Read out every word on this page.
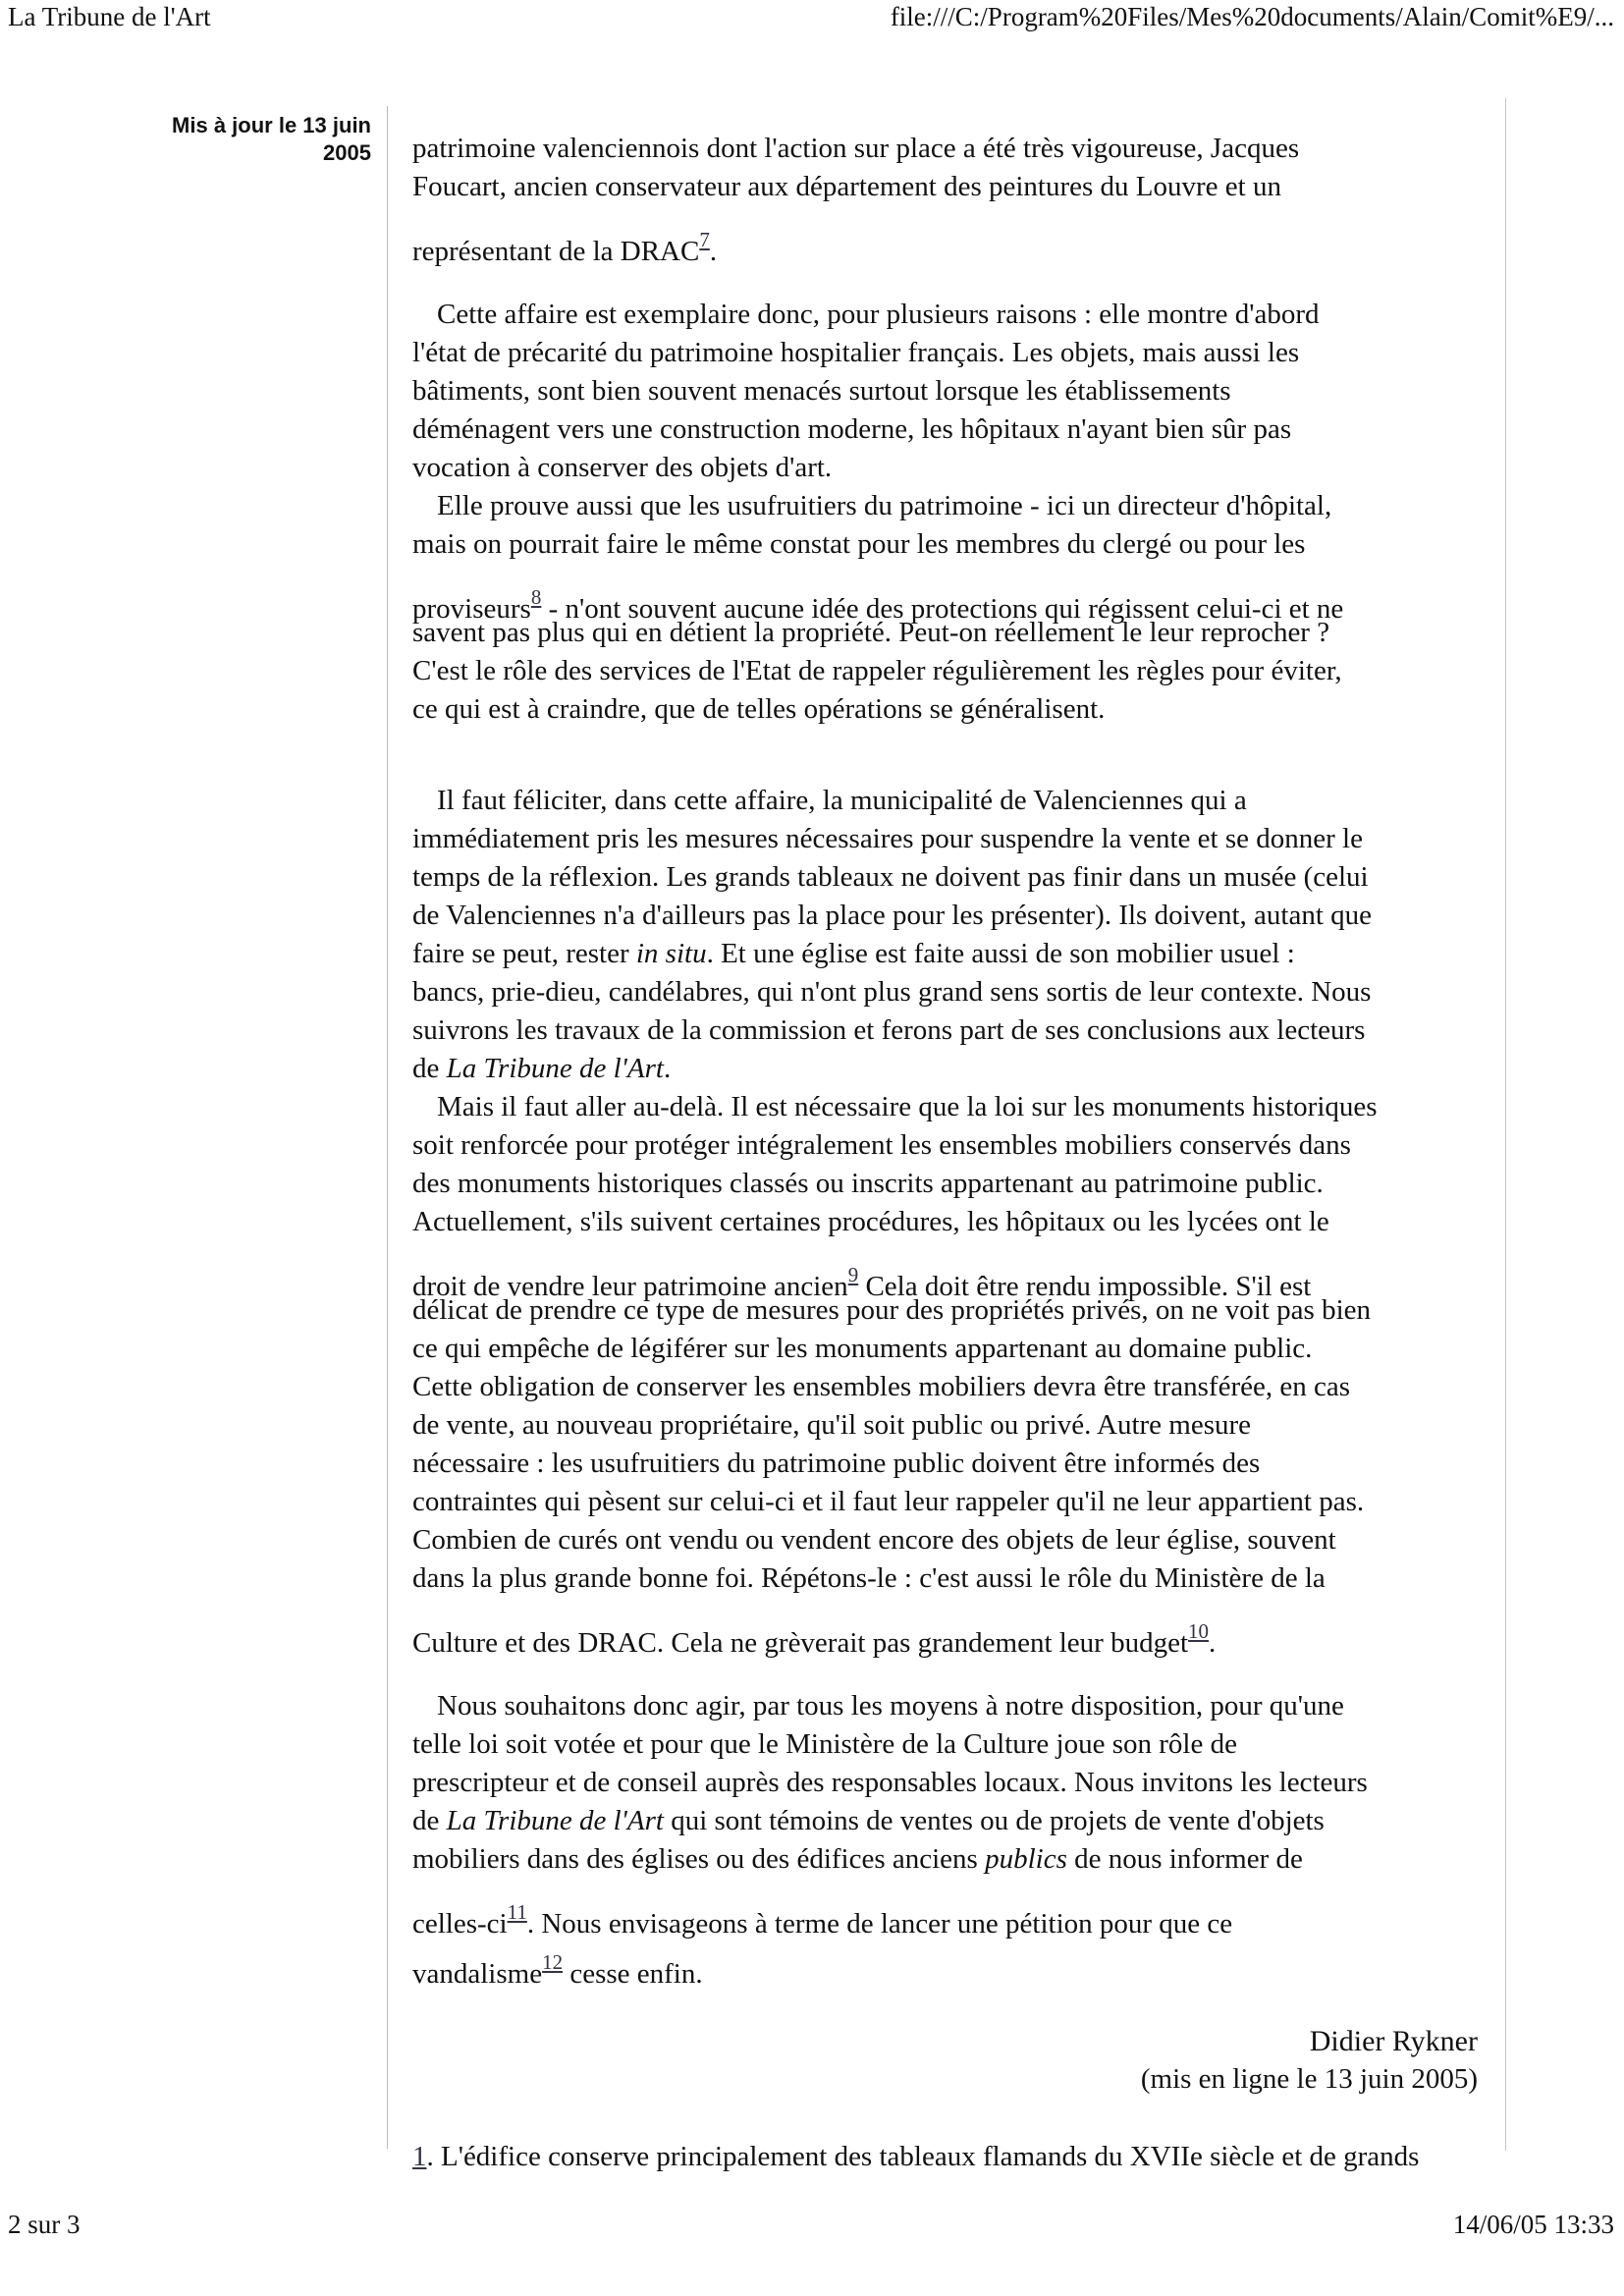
La Tribune de l'Art	file:///C:/Program%20Files/Mes%20documents/Alain/Comit%E9/...
Mis à jour le 13 juin
2005 patrimoine valenciennois dont l'action sur place a été très vigoureuse, Jacques
Foucart, ancien conservateur aux département des peintures du Louvre et un
représentant de la DRAC$^7$.
Cette affaire est exemplaire donc, pour plusieurs raisons : elle montre d'abord
l'état de précarité du patrimoine hospitalier français. Les objets, mais aussi les
bâtiments, sont bien souvent menacés surtout lorsque les établissements
déménagent vers une construction moderne, les hôpitaux n'ayant bien sûr pas
vocation à conserver des objets d'art.
Elle prouve aussi que les usufruitiers du patrimoine - ici un directeur d'hôpital,
mais on pourrait faire le même constat pour les membres du clergé ou pour les
proviseurs$^8$ - n'ont souvent aucune idée des protections qui régissent celui-ci et ne
savent pas plus qui en détient la propriété. Peut-on réellement le leur reprocher ?
C'est le rôle des services de l'Etat de rappeler régulièrement les règles pour éviter,
ce qui est à craindre, que de telles opérations se généralisent.
Il faut féliciter, dans cette affaire, la municipalité de Valenciennes qui a
immédiatement pris les mesures nécessaires pour suspendre la vente et se donner le
temps de la réflexion. Les grands tableaux ne doivent pas finir dans un musée (celui
de Valenciennes n'a d'ailleurs pas la place pour les présenter). Ils doivent, autant que
faire se peut, rester in situ. Et une église est faite aussi de son mobilier usuel :
bancs, prie-dieu, candélabres, qui n'ont plus grand sens sortis de leur contexte. Nous
suivrons les travaux de la commission et ferons part de ses conclusions aux lecteurs
de La Tribune de l'Art.
Mais il faut aller au-delà. Il est nécessaire que la loi sur les monuments historiques
soit renforcée pour protéger intégralement les ensembles mobiliers conservés dans
des monuments historiques classés ou inscrits appartenant au patrimoine public.
Actuellement, s'ils suivent certaines procédures, les hôpitaux ou les lycées ont le
droit de vendre leur patrimoine ancien$^9$ Cela doit être rendu impossible. S'il est
délicat de prendre ce type de mesures pour des propriétés privés, on ne voit pas bien
ce qui empêche de légiférer sur les monuments appartenant au domaine public.
Cette obligation de conserver les ensembles mobiliers devra être transférée, en cas
de vente, au nouveau propriétaire, qu'il soit public ou privé. Autre mesure
nécessaire : les usufruitiers du patrimoine public doivent être informés des
contraintes qui pèsent sur celui-ci et il faut leur rappeler qu'il ne leur appartient pas.
Combien de curés ont vendu ou vendent encore des objets de leur église, souvent
dans la plus grande bonne foi. Répétons-le : c'est aussi le rôle du Ministère de la
Culture et des DRAC. Cela ne grèverait pas grandement leur budget$^{10}$.
Nous souhaitons donc agir, par tous les moyens à notre disposition, pour qu'une
telle loi soit votée et pour que le Ministère de la Culture joue son rôle de
prescripteur et de conseil auprès des responsables locaux. Nous invitons les lecteurs
de La Tribune de l'Art qui sont témoins de ventes ou de projets de vente d'objets
mobiliers dans des églises ou des édifices anciens publics de nous informer de
celles-ci$^{11}$. Nous envisageons à terme de lancer une pétition pour que ce
vandalisme$^{12}$ cesse enfin.
Didier Rykner
(mis en ligne le 13 juin 2005)
1. L'édifice conserve principalement des tableaux flamands du XVIIe siècle et de grands
2 sur 3	14/06/05 13:33
